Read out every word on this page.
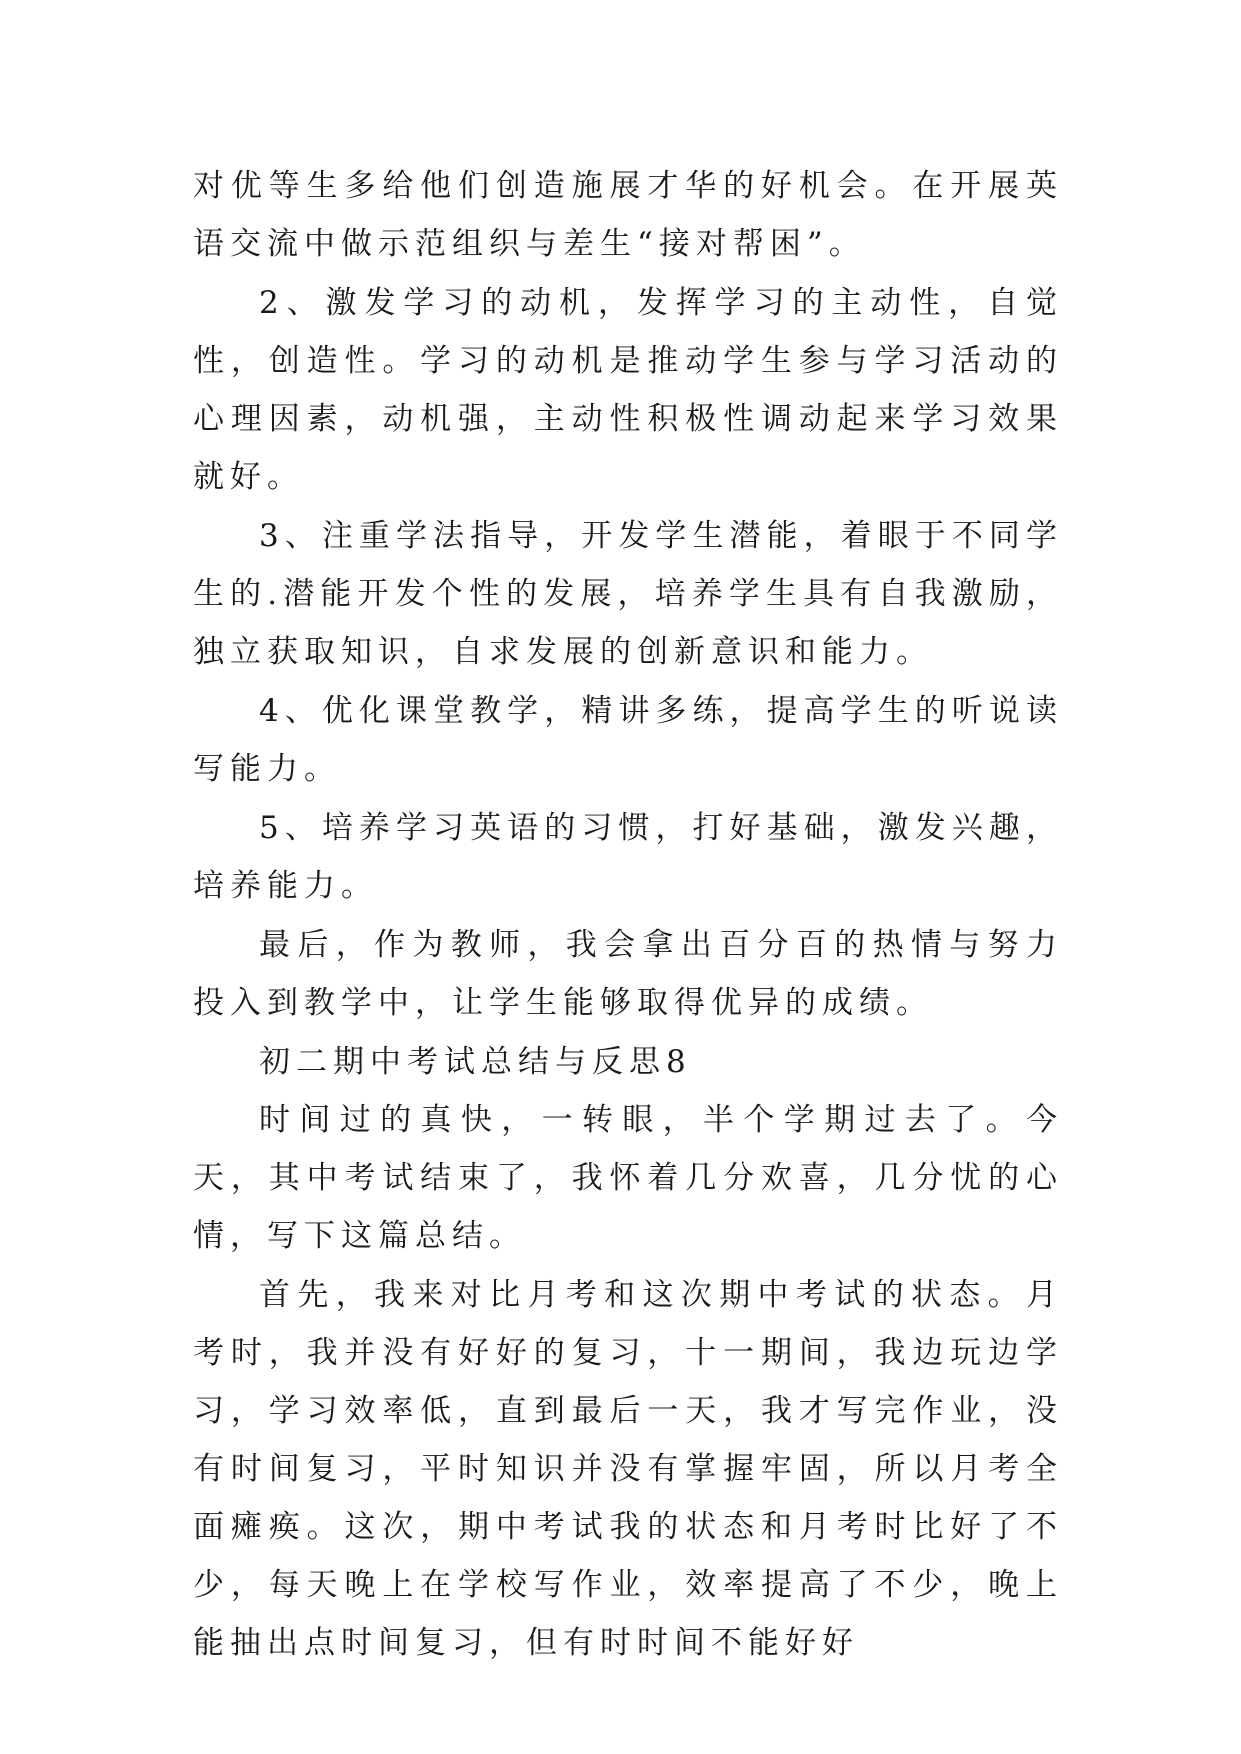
对优等生多给他们创造施展才华的好机会。在开展英语交流中做示范组织与差生“接对帮困”。

2、激发学习的动机，发挥学习的主动性，自觉性，创造性。学习的动机是推动学生参与学习活动的心理因素，动机强，主动性积极性调动起来学习效果就好。

3、注重学法指导，开发学生潜能，着眼于不同学生的.潜能开发个性的发展，培养学生具有自我激励，独立获取知识，自求发展的创新意识和能力。

4、优化课堂教学，精讲多练，提高学生的听说读写能力。

5、培养学习英语的习惯，打好基础，激发兴趣，培养能力。

最后，作为教师，我会拿出百分百的热情与努力投入到教学中，让学生能够取得优异的成绩。

初二期中考试总结与反思8

时间过的真快，一转眼，半个学期过去了。今天，其中考试结束了，我怀着几分欢喜，几分忧的心情，写下这篇总结。

首先，我来对比月考和这次期中考试的状态。月考时，我并没有好好的复习，十一期间，我边玩边学习，学习效率低，直到最后一天，我才写完作业，没有时间复习，平时知识并没有掌握牢固，所以月考全面瘫痪。这次，期中考试我的状态和月考时比好了不少，每天晚上在学校写作业，效率提高了不少，晚上能抽出点时间复习，但有时时间不能好好
